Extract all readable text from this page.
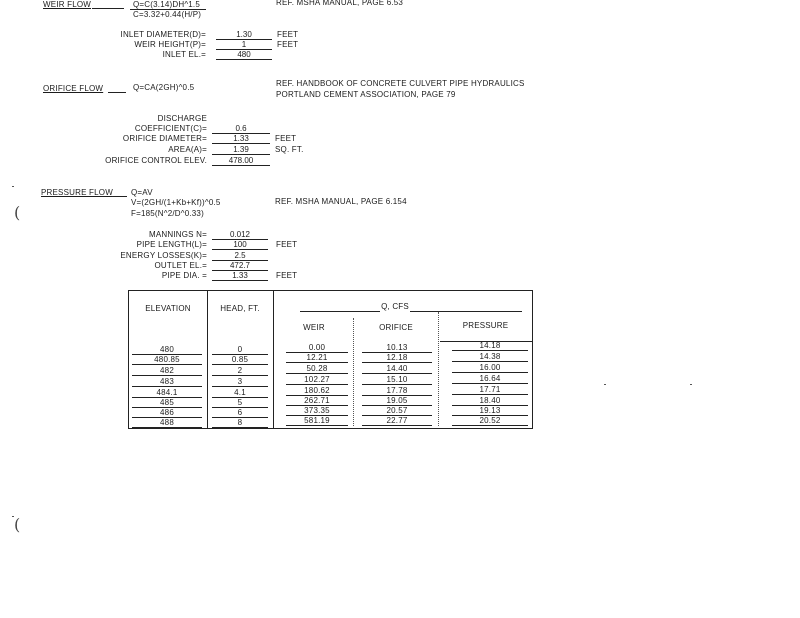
WEIR FLOW	Q=C(3.14)DH^1.5
C=3.32+0.44(H/P)
REF. MSHA MANUAL, PAGE 6.53
INLET DIAMETER(D)=	1.30	FEET
WEIR HEIGHT(P)=	1	FEET
INLET EL.=	480
ORIFICE FLOW	Q=CA(2GH)^0.5	REF. HANDBOOK OF CONCRETE CULVERT PIPE HYDRAULICS
PORTLAND CEMENT ASSOCIATION, PAGE 79
DISCHARGE
COEFFICIENT(C)=	0.6
ORIFICE DIAMETER=	1.33	FEET
AREA(A)=	1.39	SQ. FT.
ORIFICE CONTROL ELEV.	478.00
PRESSURE FLOW Q=AV
V=(2GH/(1+Kb+Kf))^0.5
F=185(N^2/D^0.33)
REF. MSHA MANUAL, PAGE 6.154
MANNINGS N=	0.012
PIPE LENGTH(L)=	100	FEET
ENERGY LOSSES(K)=	2.5
OUTLET EL.=	472.7
PIPE DIA. =	1.33	FEET
ELEVATION	HEAD, FT.	Q, CFS
WEIR	ORIFICE	PRESSURE
480	0	0.00	10.13	14.18
480.85	0.85	12.21	12.18	14.38
482	2	50.28	14.40	16.00
483	3	102.27	15.10	16.64
484.1	4.1	180.62	17.78	17.71
485	5	262.71	19.05	18.40
486	6	373.35	20.57	19.13
488	8	581.19	22.77	20.52
(
(
